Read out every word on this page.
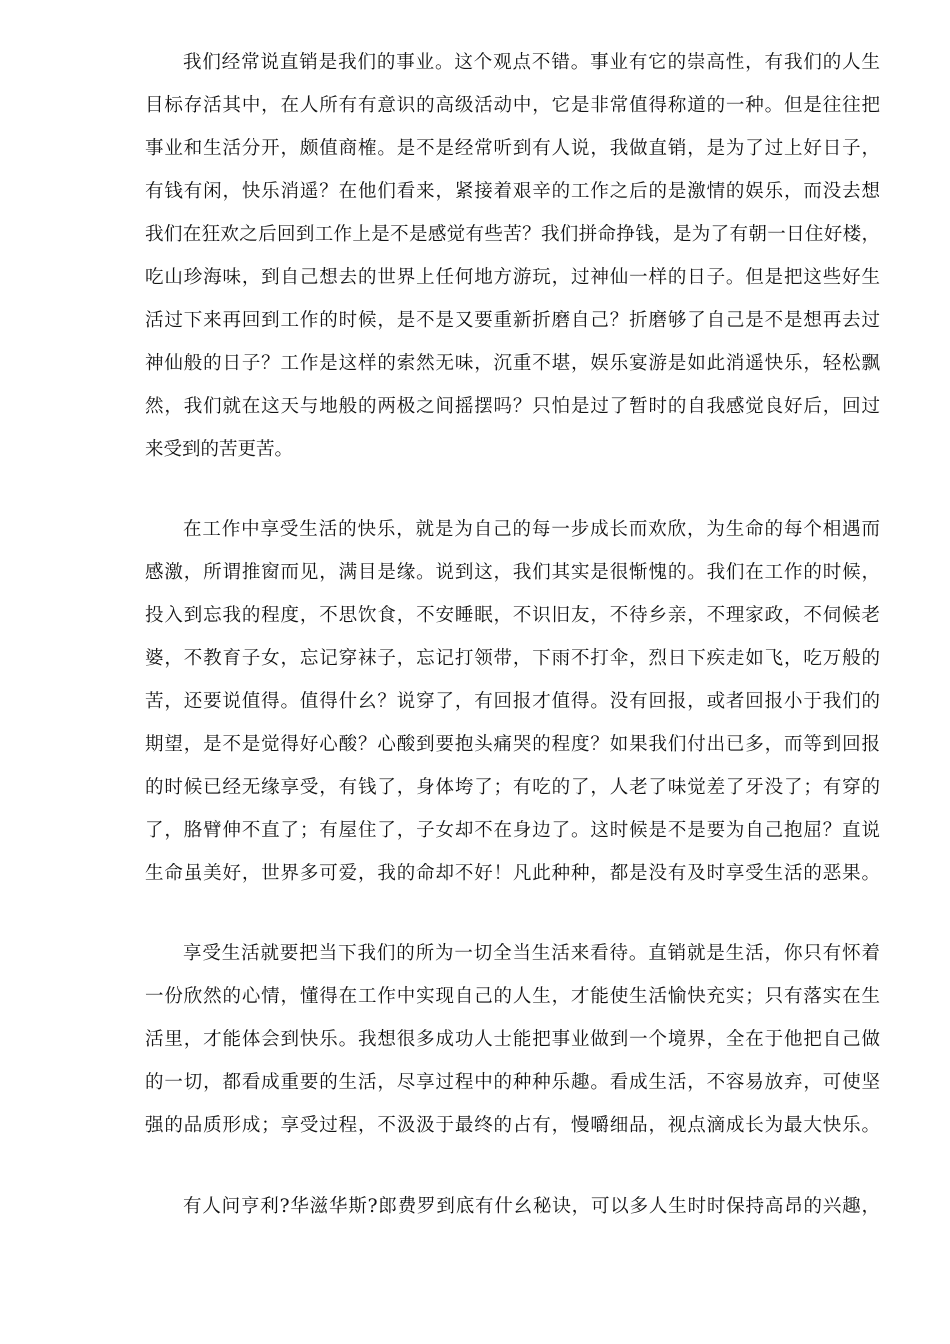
我们经常说直销是我们的事业。这个观点不错。事业有它的崇高性，有我们的人生
目标存活其中，在人所有有意识的高级活动中，它是非常值得称道的一种。但是往往把
事业和生活分开，颇值商榷。是不是经常听到有人说，我做直销，是为了过上好日子，
有钱有闲，快乐消遥？在他们看来，紧接着艰辛的工作之后的是激情的娱乐，而没去想
我们在狂欢之后回到工作上是不是感觉有些苦？我们拼命挣钱，是为了有朝一日住好楼，
吃山珍海味，到自己想去的世界上任何地方游玩，过神仙一样的日子。但是把这些好生
活过下来再回到工作的时候，是不是又要重新折磨自己？折磨够了自己是不是想再去过
神仙般的日子？工作是这样的索然无味，沉重不堪，娱乐宴游是如此消遥快乐，轻松飘
然，我们就在这天与地般的两极之间摇摆吗？只怕是过了暂时的自我感觉良好后，回过
来受到的苦更苦。
在工作中享受生活的快乐，就是为自己的每一步成长而欢欣，为生命的每个相遇而
感激，所谓推窗而见，满目是缘。说到这，我们其实是很惭愧的。我们在工作的时候，
投入到忘我的程度，不思饮食，不安睡眠，不识旧友，不待乡亲，不理家政，不伺候老
婆，不教育子女，忘记穿袜子，忘记打领带，下雨不打伞，烈日下疾走如飞，吃万般的
苦，还要说值得。值得什幺？说穿了，有回报才值得。没有回报，或者回报小于我们的
期望，是不是觉得好心酸？心酸到要抱头痛哭的程度？如果我们付出已多，而等到回报
的时候已经无缘享受，有钱了，身体垮了；有吃的了，人老了味觉差了牙没了；有穿的
了，胳臂伸不直了；有屋住了，子女却不在身边了。这时候是不是要为自己抱屈？直说
生命虽美好，世界多可爱，我的命却不好！凡此种种，都是没有及时享受生活的恶果。
享受生活就要把当下我们的所为一切全当生活来看待。直销就是生活，你只有怀着
一份欣然的心情，懂得在工作中实现自己的人生，才能使生活愉快充实；只有落实在生
活里，才能体会到快乐。我想很多成功人士能把事业做到一个境界，全在于他把自己做
的一切，都看成重要的生活，尽享过程中的种种乐趣。看成生活，不容易放弃，可使坚
强的品质形成；享受过程，不汲汲于最终的占有，慢嚼细品，视点滴成长为最大快乐。
有人问亨利?华滋华斯?郎费罗到底有什幺秘诀，可以多人生时时保持高昂的兴趣，
